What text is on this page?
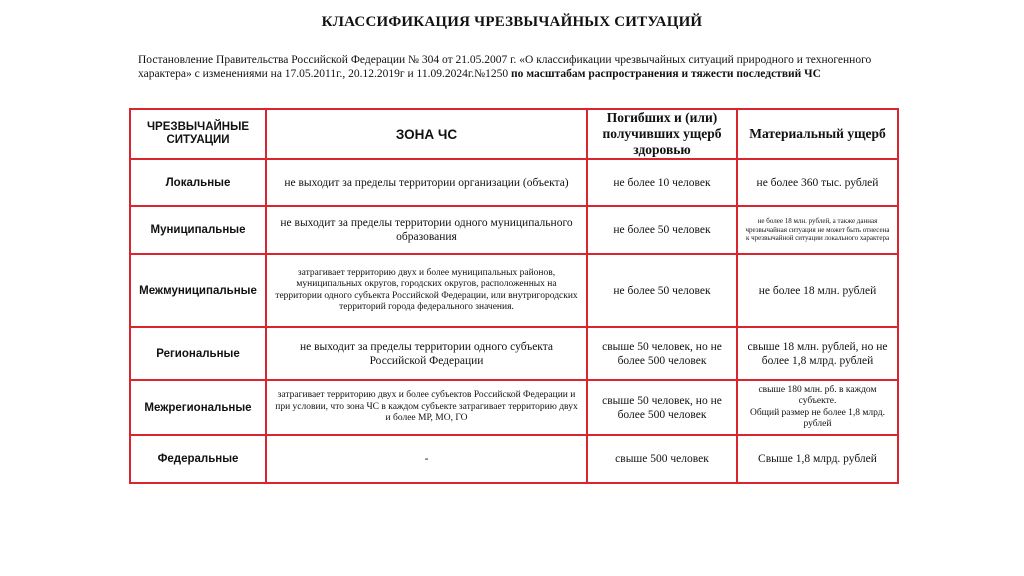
КЛАССИФИКАЦИЯ ЧРЕЗВЫЧАЙНЫХ СИТУАЦИЙ
Постановление Правительства Российской Федерации № 304 от 21.05.2007 г. «О классификации чрезвычайных ситуаций природного и техногенного характера» с изменениями на 17.05.2011г., 20.12.2019г и 11.09.2024г.№1250 по масштабам распространения и тяжести последствий ЧС
ЧРЕЗВЫЧАЙНЫЕ СИТУАЦИИ	ЗОНА ЧС	Погибших и (или) получивших ущерб здоровью	Материальный ущерб
Локальные	не выходит за пределы территории организации (объекта)	не более 10 человек	не более 360 тыс. рублей
Муниципальные	не выходит за пределы территории одного муниципального образования	не более 50 человек	не более 18 млн. рублей, а также данная чрезвычайная ситуация не может быть отнесена к чрезвычайной ситуации локального характера
Межмуниципальные	затрагивает территорию двух и более муниципальных районов, муниципальных округов, городских округов, расположенных на территории одного субъекта Российской Федерации, или внутригородских территорий города федерального значения.	не более 50 человек	не более 18 млн. рублей
Региональные	не выходит за пределы территории одного субъекта Российской Федерации	свыше 50 человек, но не более 500 человек	свыше 18 млн. рублей, но не более 1,8 млрд. рублей
Межрегиональные	затрагивает территорию двух и более субъектов Российской Федерации и при условии, что зона ЧС в каждом субъекте затрагивает территорию двух и более МР, МО, ГО	свыше 50 человек, но не более 500 человек	свыше 180 млн. рб. в каждом субъекте.
Общий размер не более 1,8 млрд. рублей

Федеральные	-	свыше 500 человек	Свыше 1,8 млрд. рублей
